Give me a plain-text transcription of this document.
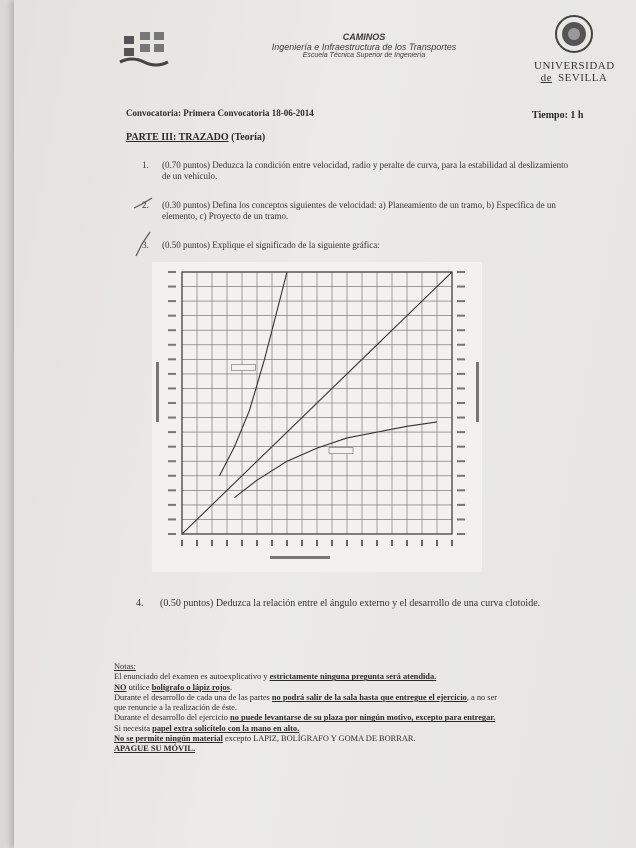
CAMINOS
Ingeniería e Infraestructura de los Transportes
Escuela Técnica Superior de Ingeniería
UNIVERSIDAD
de SEVILLA
Convocatoria: Primera Convocatoria 18-06-2014	Tiempo: 1 h
PARTE III: TRAZADO (Teoría)
1. (0.70 puntos) Deduzca la condición entre velocidad, radio y peralte de curva, para la estabilidad al deslizamiento de un vehículo.
2. (0.30 puntos) Defina los conceptos siguientes de velocidad: a) Planeamiento de un tramo, b) Específica de un elemento, c) Proyecto de un tramo.
3. (0.50 puntos) Explique el significado de la siguiente gráfica:
4. (0.50 puntos) Deduzca la relación entre el ángulo externo y el desarrollo de una curva clotoide.
Notas:
El enunciado del examen es autoexplicativo y estrictamente ninguna pregunta será atendida.
NO utilice bolígrafo o lápiz rojos.
Durante el desarrollo de cada una de las partes no podrá salir de la sala hasta que entregue el ejercicio, a no ser
que renuncie a la realización de éste.
Durante el desarrollo del ejercicio no puede levantarse de su plaza por ningún motivo, excepto para entregar.
Si necesita papel extra solicítelo con la mano en alto.
No se permite ningún material excepto LAPIZ, BOLÍGRAFO Y GOMA DE BORRAR.
APAGUE SU MÓVIL.
